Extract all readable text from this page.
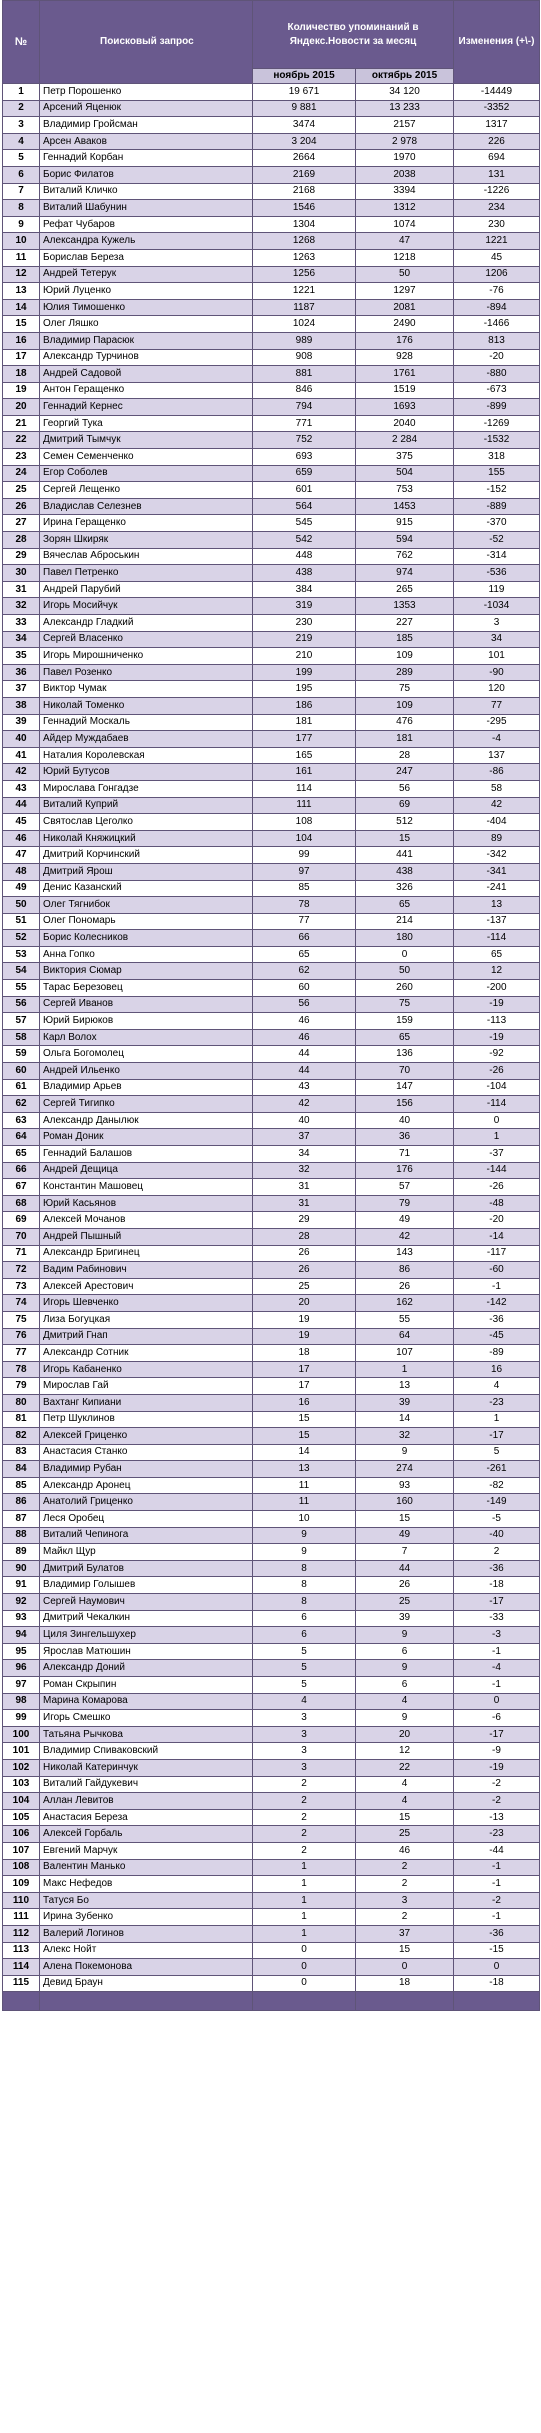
№	Поисковый запрос	Количество упоминаний в Яндекс.Новости за месяц		Изменения (+\-)
		ноябрь 2015	октябрь 2015	
1	Петр Порошенко	19 671	34 120	-14449
2	Арсений Яценюк	9 881	13 233	-3352
3	Владимир Гройсман	3474	2157	1317
4	Арсен Аваков	3 204	2 978	226
5	Геннадий Корбан	2664	1970	694
6	Борис Филатов	2169	2038	131
7	Виталий Кличко	2168	3394	-1226
8	Виталий Шабунин	1546	1312	234
9	Рефат Чубаров	1304	1074	230
10	Александра Кужель	1268	47	1221
11	Борислав Береза	1263	1218	45
12	Андрей Тетерук	1256	50	1206
13	Юрий Луценко	1221	1297	-76
14	Юлия Тимошенко	1187	2081	-894
15	Олег Ляшко	1024	2490	-1466
16	Владимир Парасюк	989	176	813
17	Александр Турчинов	908	928	-20
18	Андрей Садовой	881	1761	-880
19	Антон Геращенко	846	1519	-673
20	Геннадий Кернес	794	1693	-899
21	Георгий Тука	771	2040	-1269
22	Дмитрий Тымчук	752	2 284	-1532
23	Семен Семенченко	693	375	318
24	Егор Соболев	659	504	155
25	Сергей Лещенко	601	753	-152
26	Владислав Селезнев	564	1453	-889
27	Ирина Геращенко	545	915	-370
28	Зорян Шкиряк	542	594	-52
29	Вячеслав Аброськин	448	762	-314
30	Павел Петренко	438	974	-536
31	Андрей Парубий	384	265	119
32	Игорь Мосийчук	319	1353	-1034
33	Александр Гладкий	230	227	3
34	Сергей Власенко	219	185	34
35	Игорь Мирошниченко	210	109	101
36	Павел Розенко	199	289	-90
37	Виктор Чумак	195	75	120
38	Николай Томенко	186	109	77
39	Геннадий Москаль	181	476	-295
40	Айдер Муждабаев	177	181	-4
41	Наталия Королевская	165	28	137
42	Юрий Бутусов	161	247	-86
43	Мирослава Гонгадзе	114	56	58
44	Виталий Куприй	111	69	42
45	Святослав Цеголко	108	512	-404
46	Николай Княжицкий	104	15	89
47	Дмитрий Корчинский	99	441	-342
48	Дмитрий Ярош	97	438	-341
49	Денис Казанский	85	326	-241
50	Олег Тягнибок	78	65	13
51	Олег Пономарь	77	214	-137
52	Борис Колесников	66	180	-114
53	Анна Гопко	65	0	65
54	Виктория Сюмар	62	50	12
55	Тарас Березовец	60	260	-200
56	Сергей Иванов	56	75	-19
57	Юрий Бирюков	46	159	-113
58	Карл Волох	46	65	-19
59	Ольга Богомолец	44	136	-92
60	Андрей Ильенко	44	70	-26
61	Владимир Арьев	43	147	-104
62	Сергей Тигипко	42	156	-114
63	Александр Данылюк	40	40	0
64	Роман Доник	37	36	1
65	Геннадий Балашов	34	71	-37
66	Андрей Дещица	32	176	-144
67	Константин Машовец	31	57	-26
68	Юрий Касьянов	31	79	-48
69	Алексей Мочанов	29	49	-20
70	Андрей Пышный	28	42	-14
71	Александр Бригинец	26	143	-117
72	Вадим Рабинович	26	86	-60
73	Алексей Арестович	25	26	-1
74	Игорь Шевченко	20	162	-142
75	Лиза Богуцкая	19	55	-36
76	Дмитрий Гнап	19	64	-45
77	Александр Сотник	18	107	-89
78	Игорь Кабаненко	17	1	16
79	Мирослав Гай	17	13	4
80	Вахтанг Кипиани	16	39	-23
81	Петр Шуклинов	15	14	1
82	Алексей Гриценко	15	32	-17
83	Анастасия Станко	14	9	5
84	Владимир Рубан	13	274	-261
85	Александр Аронец	11	93	-82
86	Анатолий Гриценко	11	160	-149
87	Леся Оробец	10	15	-5
88	Виталий Чепинога	9	49	-40
89	Майкл Щур	9	7	2
90	Дмитрий Булатов	8	44	-36
91	Владимир Голышев	8	26	-18
92	Сергей Наумович	8	25	-17
93	Дмитрий Чекалкин	6	39	-33
94	Циля Зингельшухер	6	9	-3
95	Ярослав Матюшин	5	6	-1
96	Александр Доний	5	9	-4
97	Роман Скрыпин	5	6	-1
98	Марина Комарова	4	4	0
99	Игорь Смешко	3	9	-6
100	Татьяна Рычкова	3	20	-17
101	Владимир Спиваковский	3	12	-9
102	Николай Катеринчук	3	22	-19
103	Виталий Гайдукевич	2	4	-2
104	Аллан Левитов	2	4	-2
105	Анастасия Береза	2	15	-13
106	Алексей Горбаль	2	25	-23
107	Евгений Марчук	2	46	-44
108	Валентин Манько	1	2	-1
109	Макс Нефедов	1	2	-1
110	Татуся Бо	1	3	-2
111	Ирина Зубенко	1	2	-1
112	Валерий Логинов	1	37	-36
113	Алекс Нойт	0	15	-15
114	Алена Покемонова	0	0	0
115	Девид Браун	0	18	-18
